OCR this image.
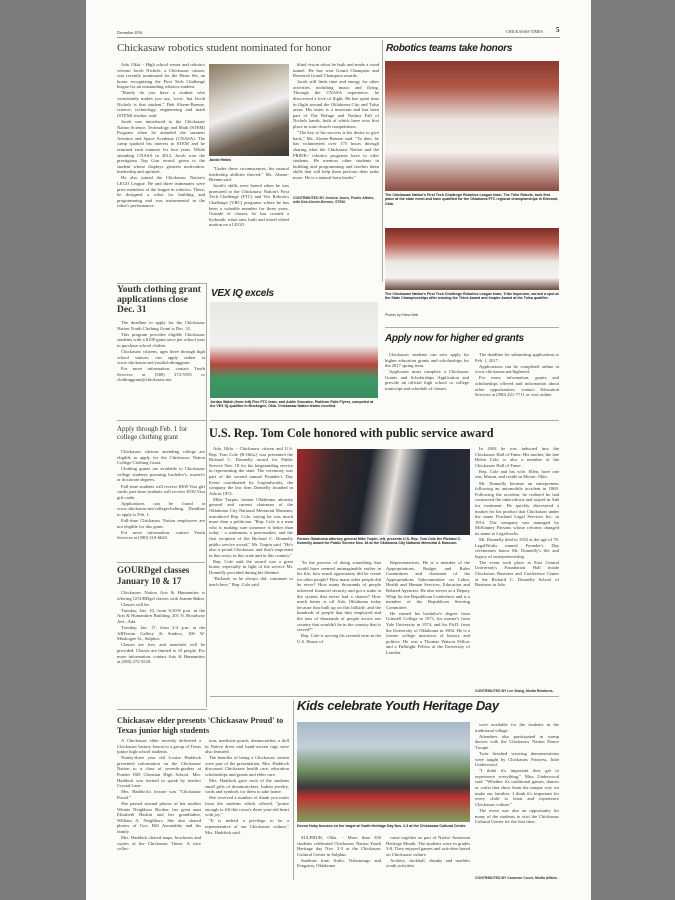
December 2016	CHICKASAW TIMES 5
Chickasaw robotics student nominated for honor

Ada, Okla. - High school senior and robotics veteran Jacob Nichols, a Chickasaw citizen, was recently nominated for the Heart Set, an honor recognizing the First Tech Challenge league for an outstanding robotics student.

"Rarely do you have a student who consistently makes you say, 'wow', but Jacob Nichols is that student," Deb Alsene-Brenne, science, technology, engineering and math (STEM) teacher, said.

Jacob was introduced to the Chickasaw Nation Science, Technology and Math (STEM) Program when he attended the summer Aviation and Space Academy (CNASA). The camp sparked his interest in STEM and he returned each summer for four years. While attending CNASA in 2012, Jacob won the prestigious Top Gun award, given to the student whose displays greatest motivation, leadership and aptitude.

He also joined the Chickasaw Nation's LEGO League. He and three teammates were prior members of the league in robotics. There, he designed a robot for building and programming and was instrumental in the robot's performance.

Jacob Hinkis

"Under these circumstances, his natural leadership abilities thrived," Ms. Alsene-Brenne said.

Jacob's skills were honed when he was promoted to the Chickasaw Nation's First Tech Challenge (FTC) and Vex Robotics Challenge (VRC) programs where he has been a valuable member for three years. Outside of classes, he has created a hydraulic robot arm, built and tested wheel motion on a LEGO

blind vision robot he built and made a wind tunnel. He has won Grand Champion and Research Grand Champion awards.

Jacob still finds time and energy for other activities, including music and flying. Through the CNASA experience, he discovered a love of flight. He has spent time in flight around the Oklahoma City and Tulsa areas. His sister is a musician and has been part of The Refuge and Nachez Fall of Nichols bands, both of which have won first place in state church competitions.

"The key to his success is his desire to give back," Ms. Alsene-Brenne said. "To date, he has volunteered over 175 hours through sharing what the Chickasaw Nation and the PRIDE+ robotics programs have to offer students. He mentors other students in building and programming and teaches them skills that will help them perform their tasks more. He is a natural born leader."

CONTRIBUTED BY Jessica Jones, Public Affairs, with Deb Alsene-Brenne, STEM.
Robotics teams take honors
The Chickasaw Nation's First Tech Challenge Robotics League team, The Tribe Robots, took first place at the state event and have qualified for the Oklahoma FTC regional championships in Edmond, Okla.
The Chickasaw Nation's First Tech Challenge Robotics League team, Tribe Imperium, earned a spot at the State Championships after winning the Think Award and Inspire Award at the Tulsa qualifier.
Photos by Kisha Walt
Youth clothing grant applications close Dec. 31

The deadline to apply for the Chickasaw Nation Youth Clothing Grant is Dec. 31.

This program provides eligible Chickasaw students with a $100 grant once per school year to purchase school clothes.

Chickasaw citizens, ages three through high school seniors, can apply online at www.chickasaw.net/youthclothinggrant.

For more information, contact Youth Services at (580) 272-5595 or clothinggrant@chickasaw.net.

VEX IQ excels
Jordan Walsh (from left) Flex FTC team, and Addie Gonzalez, Platform Falls Flyers, competed at the VEX IQ qualifier in Muskogee, Okla. Chickasaw Nation teams excelled.
Apply now for higher ed grants

Chickasaw students can now apply for higher education grants and scholarships for the 2017 spring term.

Applicants must complete a Chickasaw Grants and Scholarships Application and provide an official high school or college transcript and schedule of classes.

The deadline for submitting applications is Feb. 1, 2017.

Applications can be completed online at www.chickasaw.net/highered.

For more information, grants and scholarships offered and information about other opportunities, contact Education Services at (580) 421-7711 or visit online.

Apply through Feb. 1 for college clothing grant

Chickasaw citizens attending college are eligible to apply for the Chickasaw Nation College Clothing Grant.

Clothing grants are available to Chickasaw college students pursuing bachelor's, master's or doctorate degrees.

Full-time students will receive $300 Visa gift cards; part-time students will receive $150 Visa gift cards.

Applications can be found at www.chickasaw.net/collegeclothing. Deadline to apply is Feb. 1.

Full-time Chickasaw Nation employees are not eligible for this grant.

For more information, contact Youth Services at (580) 310-6620.

GOURDgel classes January 10 & 17

Chickasaw Nation Arts & Humanities is offering GOURDgel classes with Joanne Baker.

Classes will be:

Tuesday, Jan. 10, from 6:30-8 p.m. in the Arts & Humanities Building, 201 N. Broadway Ave., Ada.

Tuesday, Jan. 17, from 2-4 p.m. at the ARTesian Gallery & Studios, 100 W. Muskogee St., Sulphur.

Classes are free, and materials will be provided. Classes are limited to 10 people. For more information, contact Arts & Humanities at (580) 272-5520.

U.S. Rep. Tom Cole honored with public service award

Ada, Okla. - Chickasaw citizen and U.S. Rep. Tom Cole (R-Okla.) was presented the Richard C. Donnelly award for Public Service Nov. 18 for his longstanding service in representing the state. The ceremony was part of the second annual Founder's Day Event coordinated by Legendworks, the company the law firm Donnelly founded in Ada in 1872.

Mike Turpin, former Oklahoma attorney general and current chairman of the Oklahoma City National Memorial Museum, introduced Rep. Cole, saying he was much more than a politician. "Rep. Cole is a man who is making sure someone is better than today - a statesman, a peacemaker, and the first recipient of the Richard C. Donnelly public service award," Mr. Turpin said. "He's also a proud Chickasaw and that's important in this town, in this state and in this country."

Rep. Cole said the award was a great honor, especially in light of the service Mr. Donnelly provided during his lifetime.

"Richard, as he always did, continues to teach here," Rep. Cole said.

Former Oklahoma attorney general Mike Turpin, left, presents U.S. Rep. Tom Cole the Richard C. Donnelly award for Public Service Nov. 18 at the Oklahoma City National Memorial & Museum.

"In the process of doing something that would have seemed unimaginable earlier in his life, how much opportunity did he create for other people? How many other people did he serve? How many thousands of people achieved financial security and got a stake in the system that never had a chance? How much better is off Ada, Oklahoma today because that built up on this hillside, and the hundreds of people that they employed and the tens of thousands of people across our country that wouldn't be in the country that is served?"

Rep. Cole is serving his seventh term in the U.S. House of

Representatives. He is a member of the Appropriations, Budget and Rules Committees and chairman of the Appropriations Subcommittee on Labor, Health and Human Services, Education and Related Agencies. He also serves as a Deputy Whip for the Republican Conference and is a member of the Republican Steering Committee.

He earned his bachelor's degree from Grinnell College in 1971, his master's from Yale University in 1974, and his Ph.D. from the University of Oklahoma in 1984. He is a former college instructor of history and politics. He was a Thomas Watson Fellow and a Fulbright Fellow at the University of London.

In 2004 he was inducted into the Chickasaw Hall of Fame. His mother, the late Helen Cole, is also a member of the Chickasaw Hall of Fame.

Rep. Cole and his wife, Ellen, have one son, Mason, and reside in Moore, Okla.

Mr. Donnelly became an entrepreneur following an automobile accident in 1869. Following the accident, he realized he had contracted the tuberculosis and stayed in Ada for treatment. He quickly discovered a market for his product that Chickasaw under the name Portland Legal Services Inc. in 1914. The company was managed by McKinney Parsons whose reforms changed its name to Legalworks.

Mr. Donnelly died in 1952 at the age of 78. LegalWorks named Founder's Day ceremonies honor Mr. Donnelly's life and legacy of entrepreneurship.

The event took place at East Central University's Foundation Hall inside Chickasaw Business and Conference Center at the Richard C. Donnelly School of Business in Ada.

CONTRIBUTED BY Lee Stang, Media Relations.
Chickasaw elder presents 'Chickasaw Proud' to Texas junior high students

A Chickasaw elder recently delivered a Chickasaw history lesson to a group of Texas junior high school students.

Ninety-three year old Louise Haddock presented information on the Chickasaw Nation to a class of seventh-graders at Ponder ISD Christian High School. Mrs. Haddock was invited to speak by teacher Crystal Lane.

Mrs. Haddock's lecture was "Chickasaw Proud."

She passed around photos of her mother Winnie Neighbors Booker, her great aunt Elizabeth Haskin and her grandfather, William A. Neighbors. She also shared photos of Gov. Bill Anoatubby and his family.

Mrs. Haddock shared maps, brochures and copies of the Chickasaw Times. A wire collec-

tion, medicine pouch, dreamcatcher, a doll in Native dress and hand-woven rugs were also featured.

The benefits of being a Chickasaw citizen were part of the presentation. Mrs. Haddock discussed Chickasaw health care, education scholarships and grants and elder care.

Mrs. Haddock gave each of the students small gifts of dreamcatchers, Indian jewelry, cards and symbols for them to take home.

She received a number of thank you notes from the students which offered, "praise enough to fill this room's three year-old heart with joy."

"It is indeed a privilege to be a representative of our Chickasaw culture," Mrs. Haddock said.

Kids celebrate Youth Heritage Day
Devon Hoby focuses on her target at Youth Heritage Day Nov. 2-3 at the Chickasaw Cultural Center.

SULPHUR, Okla. - More than 350 students celebrated Chickasaw Nation Youth Heritage day Nov. 2-3 at the Chickasaw Cultural Center in Sulphur.

Students from Ardie, Tishomingo and Kingston, Oklahoma

came together as part of Native American Heritage Month. The students were in grades 3-8. They enjoyed games and activities based on Chickasaw culture.

Archery, stickball, chunky and marbles youth activities

were available for the students in the traditional village.

Attendees also participated in stomp dances with the Chickasaw Nation Dance Troupe.

Twin finished weaving demonstrations were taught by Chickasaw Princess, Julie Underwood.

"I think it's important they get to experience everything," Miss Underwood said. "Whether it's traditional games, dances or crafts that show them the unique way we make our families. I think it's important for every child to learn and experience Chickasaw culture."

The event was also an opportunity for many of the students to visit the Chickasaw Cultural Center for the first time.

CONTRIBUTED BY Cameron Cover, Media Affairs.
